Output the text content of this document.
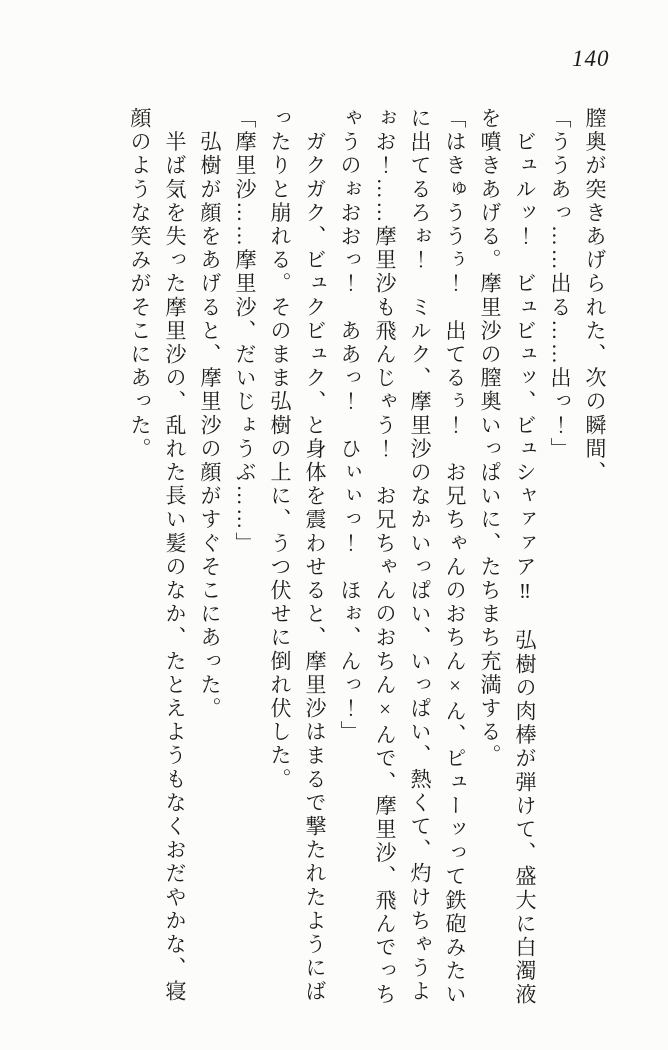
140
膣奥が突きあげられた、次の瞬間、
「ううあっ……出る……出っ！」
　ビュルッ！　ビュビュッ、ビュシャァァア‼　弘樹の肉棒が弾けて、盛大に白濁液
を噴きあげる。摩里沙の膣奥いっぱいに、たちまち充満する。
「はきゅううぅ！　出てるぅ！　お兄ちゃんのおちん×ん、ピューッって鉄砲みたい
に出てるろぉ！　ミルク、摩里沙のなかいっぱい、いっぱい、熱くて、灼けちゃうよ
ぉお！……摩里沙も飛んじゃう！　お兄ちゃんのおちん×んで、摩里沙、飛んでっち
ゃうのぉおおっ！　ああっ！　ひぃぃっ！　ほぉ、んっ！」
　ガクガク、ビュクビュク、と身体を震わせると、摩里沙はまるで撃たれたようにば
ったりと崩れる。そのまま弘樹の上に、うつ伏せに倒れ伏した。
「摩里沙……摩里沙、だいじょうぶ……」
　弘樹が顔をあげると、摩里沙の顔がすぐそこにあった。
　半ば気を失った摩里沙の、乱れた長い髪のなか、たとえようもなくおだやかな、寝
顔のような笑みがそこにあった。
